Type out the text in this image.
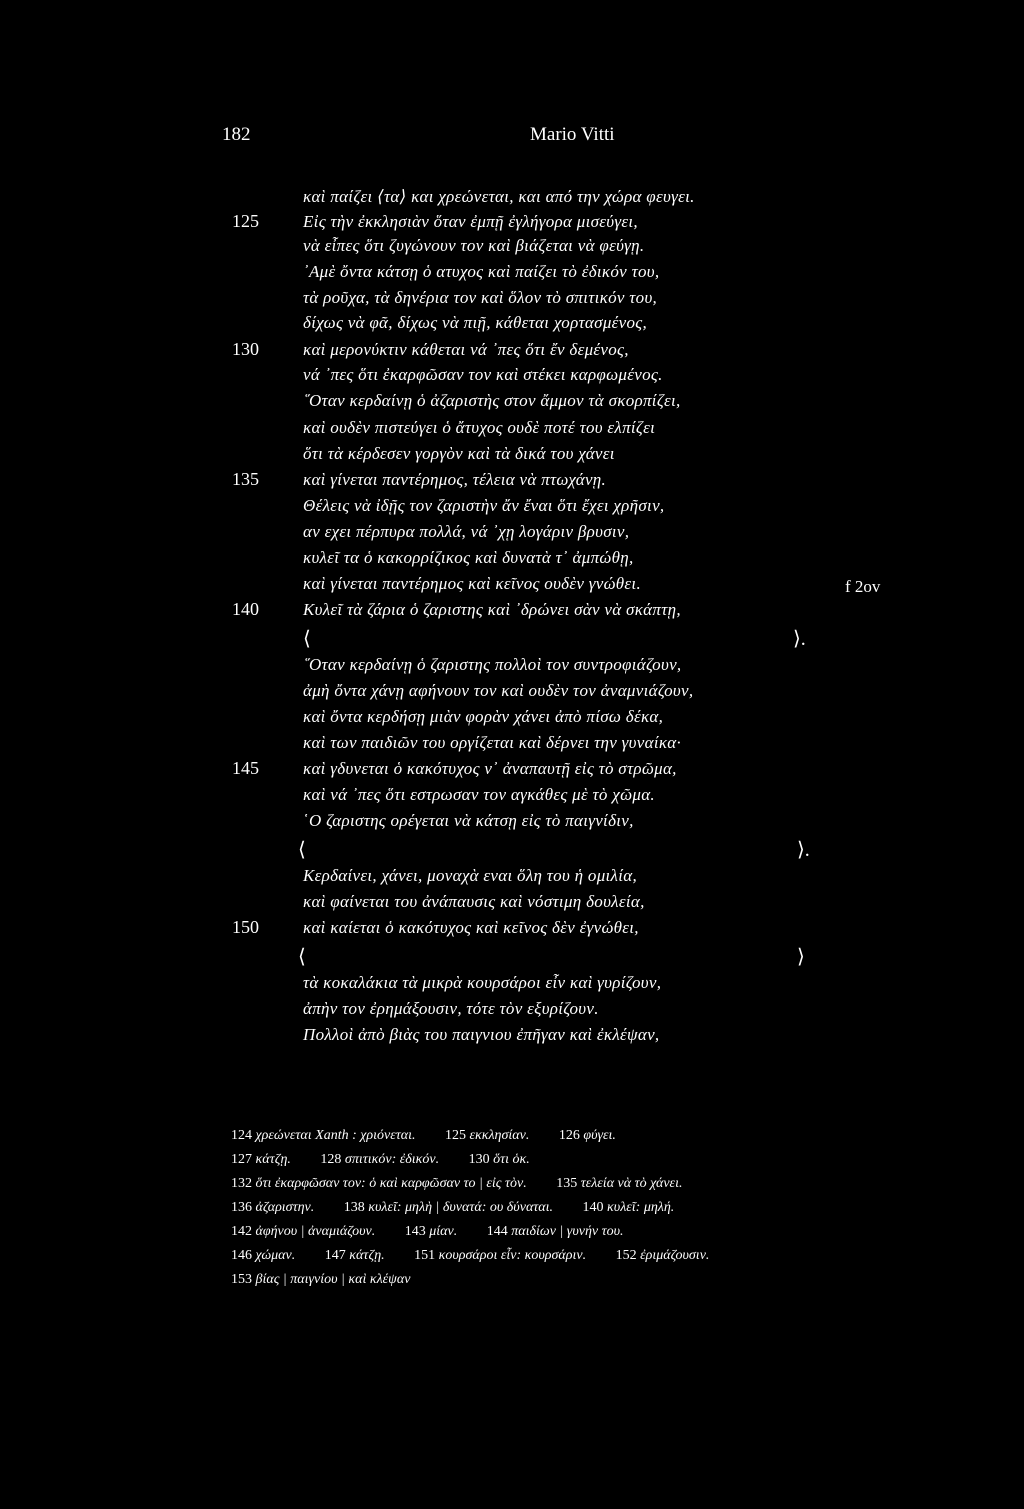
182	Mario Vitti
καὶ παίζει ⟨τα⟩ και χρεώνεται, και από την χώρα φευγει.
Εἰς τὴν ἐκκλησιὰν ὅταν ἐμπῇ ἐγλήγορα μισεύγει,
νὰ εἶπες ὅτι ζυγώνουν τον καὶ βιάζεται νὰ φεύγῃ.
᾿Αμὲ ὄντα κάτσῃ ὁ ατυχος καὶ παίζει τὸ ἐδικόν του,
τὰ ροῦχα, τὰ δηνέρια τον καὶ ὅλον τὸ σπιτικόν του,
δίχως νὰ φᾶ, δίχως νὰ πιῇ, κάθεται χορτασμένος,
καὶ μερονύκτιν κάθεται νά ᾿πες ὅτι ἔν δεμένος,
νά ᾿πες ὅτι ἐκαρφῶσαν τον καὶ στέκει καρφωμένος.
῞Οταν κερδαίνῃ ὁ ἀζαριστὴς στον ἄμμον τὰ σκορπίζει,
καὶ ουδὲν πιστεύγει ὁ ἄτυχος ουδὲ ποτέ του ελπίζει
ὅτι τὰ κέρδεσεν γοργὸν καὶ τὰ δικά του χάνει
καὶ γίνεται παντέρημος, τέλεια νὰ πτωχάνῃ.
Θέλεις νὰ ἰδῇς τον ζαριστὴν ἄν ἔναι ὅτι ἔχει χρῆσιν,
αν εχει πέρπυρα πολλά, νά ᾿χῃ λογάριν βρυσιν,
κυλεῖ τα ὁ κακορρίζικος καὶ δυνατὰ τ᾿ ἀμπώθῃ,
καὶ γίνεται παντέρημος καὶ κεῖνος ουδὲν γνώθει.
Κυλεῖ τὰ ζάρια ὁ ζαριστης καὶ ᾿δρώνει σὰν νὰ σκάπτῃ,
⟨	⟩.
῞Οταν κερδαίνῃ ὁ ζαριστης πολλοὶ τον συντροφιάζουν,
ἀμὴ ὄντα χάνῃ αφήνουν τον καὶ ουδὲν τον ἀναμνιάζουν,
καὶ ὄντα κερδήσῃ μιὰν φορὰν χάνει ἀπὸ πίσω δέκα,
καὶ των παιδιῶν του οργίζεται καὶ δέρνει την γυναίκα·
καὶ γδυνεται ὁ κακότυχος ν᾿ ἀναπαυτῇ εἰς τὸ στρῶμα,
καὶ νά ᾿πες ὅτι εστρωσαν τον αγκάθες μὲ τὸ χῶμα.
῾Ο ζαριστης ορέγεται νὰ κάτσῃ εἰς τὸ παιγνίδιν,
⟨	⟩.
Κερδαίνει, χάνει, μοναχὰ εναι ὅλη του ἡ ομιλία,
καὶ φαίνεται του ἀνάπαυσις καὶ νόστιμη δουλεία,
καὶ καίεται ὁ κακότυχος καὶ κεῖνος δὲν ἐγνώθει,
⟨	⟩
τὰ κοκαλάκια τὰ μικρὰ κουρσάροι εἶν καὶ γυρίζουν,
ἀπὴν τον ἐρημάξουσιν, τότε τὸν εξυρίζουν.
Πολλοὶ ἀπὸ βιὰς του παιγνιου ἐπῆγαν καὶ ἐκλέψαν,
125
130
135
140
145
150
f 2ov
124 χρεώνεται Xanth : χριόνεται. 125 εκκλησίαν. 126 φύγει.
127 κάτζῃ. 128 σπιτικόν: ἐδικόν. 130 ὅτι ὁκ.
132 ὅτι ἐκαρφῶσαν τον: ὁ καὶ καρφῶσαν το | εἰς τὸν. 135 τελεία νὰ τὸ χάνει.
136 ἀζαριστην. 138 κυλεῖ: μηλὴ | δυνατά: ου δύναται. 140 κυλεῖ: μηλή.
142 ἀφήνου | ἀναμιάζουν. 143 μίαν. 144 παιδίων | γυνήν του.
146 χώμαν. 147 κάτζῃ. 151 κουρσάροι εἶν: κουρσάριν. 152 ἐριμάζουσιν.
153 βίας | παιγνίου | καὶ κλέψαν
